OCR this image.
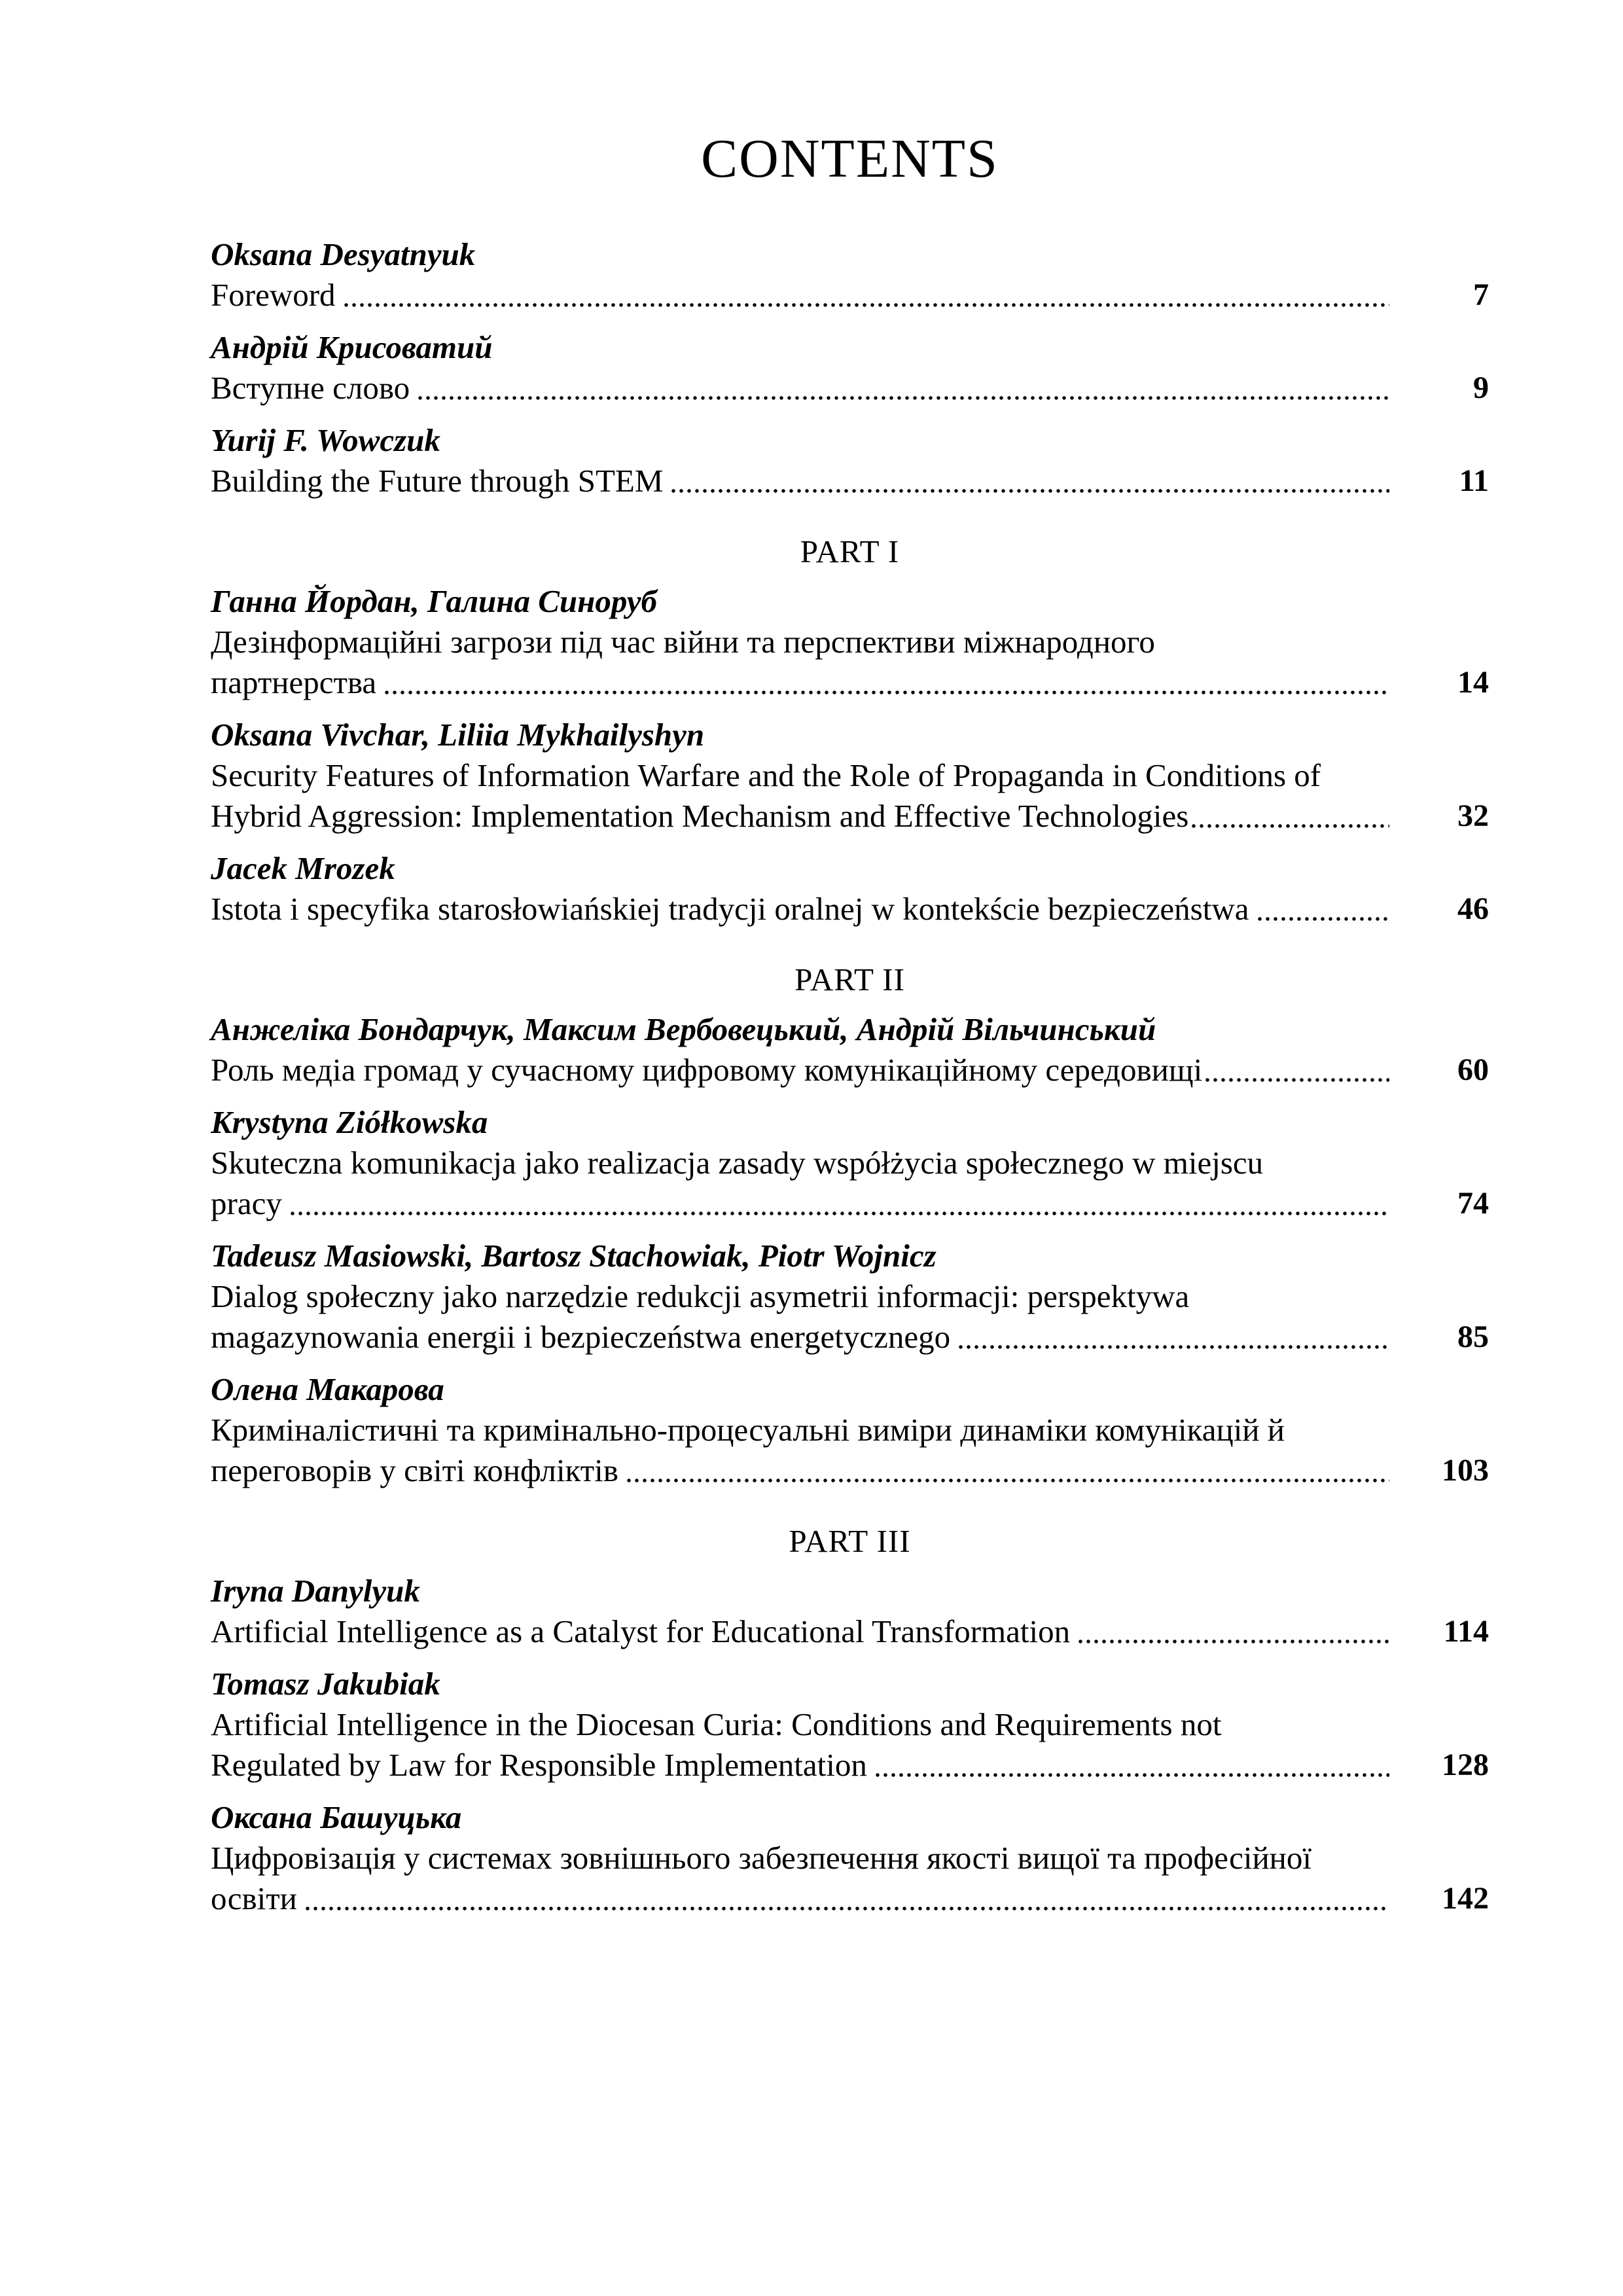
CONTENTS
Oksana Desyatnyuk
Foreword	7
Андрій Крисоватий
Вступне слово	9
Yurij F. Wowczuk
Building the Future through STEM	11
PART I
Ганна Йордан, Галина Синоруб
Дезінформаційні загрози під час війни та перспективи міжнародного
партнерства	14
Oksana Vivchar, Liliia Mykhailyshyn
Security Features of Information Warfare and the Role of Propaganda in Conditions of
Hybrid Aggression: Implementation Mechanism and Effective Technologies	32
Jacek Mrozek
Istota i specyfika starosłowiańskiej tradycji oralnej w kontekście bezpieczeństwa	46
PART II
Анжеліка Бондарчук, Максим Вербовецький, Андрій Вільчинський
Роль медіа громад у сучасному цифровому комунікаційному середовищі	60
Krystyna Ziółkowska
Skuteczna komunikacja jako realizacja zasady współżycia społecznego w miejscu
pracy	74
Tadeusz Masiowski, Bartosz Stachowiak, Piotr Wojnicz
Dialog społeczny jako narzędzie redukcji asymetrii informacji: perspektywa
magazynowania energii i bezpieczeństwa energetycznego	85
Олена Макарова
Криміналістичні та кримінально-процесуальні виміри динаміки комунікацій й
переговорів у світі конфліктів	103
PART III
Iryna Danylyuk
Artificial Intelligence as a Catalyst for Educational Transformation	114
Tomasz Jakubiak
Artificial Intelligence in the Diocesan Curia: Conditions and Requirements not
Regulated by Law for Responsible Implementation	128
Оксана Башуцька
Цифровізація у системах зовнішнього забезпечення якості вищої та професійної
освіти	142
